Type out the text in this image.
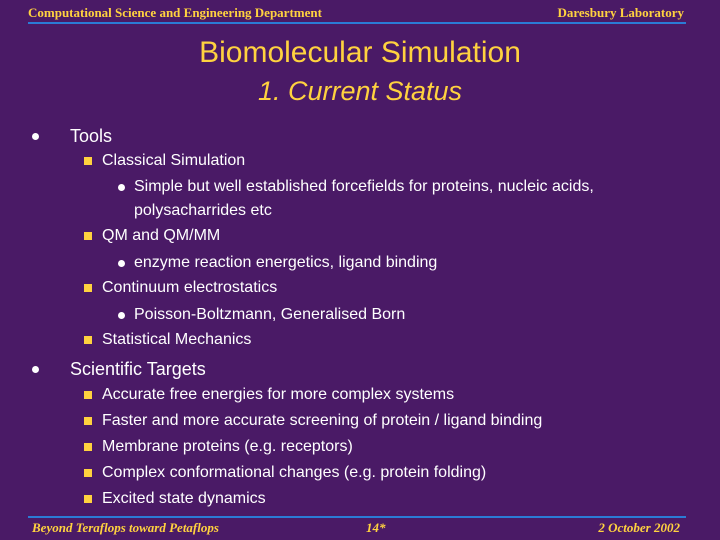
Computational Science and Engineering Department	Daresbury Laboratory
Biomolecular Simulation
1. Current Status
Tools
Classical Simulation
Simple but well established forcefields for proteins, nucleic acids,
polysacharrides etc
QM and QM/MM
enzyme reaction energetics, ligand binding
Continuum electrostatics
Poisson-Boltzmann, Generalised Born
Statistical Mechanics
Scientific Targets
Accurate free energies for more complex systems
Faster and more accurate screening of protein / ligand binding
Membrane proteins (e.g. receptors)
Complex conformational changes (e.g. protein folding)
Excited state dynamics
Beyond Teraflops toward Petaflops	14*	2 October 2002
